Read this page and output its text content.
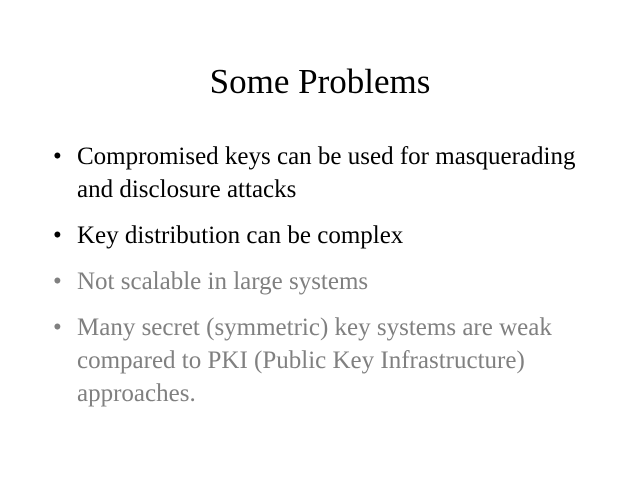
Some Problems
• Compromised keys can be used for masquerading and disclosure attacks
• Key distribution can be complex
• Not scalable in large systems
• Many secret (symmetric) key systems are weak compared to PKI (Public Key Infrastructure) approaches.
